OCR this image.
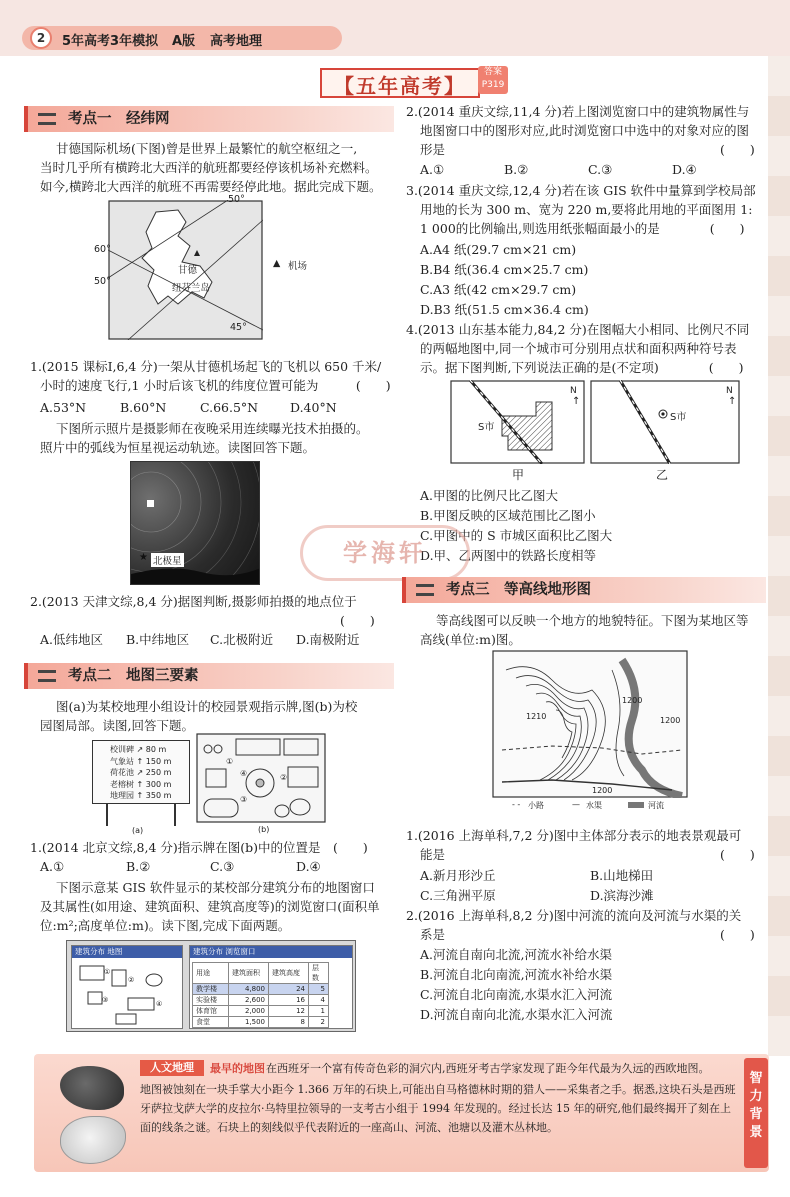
2	5年高考3年模拟 A版 高考地理
【五年高考】
答案
P319
考点一　经纬网
甘德国际机场(下图)曾是世界上最繁忙的航空枢纽之一,
当时几乎所有横跨北大西洋的航班都要经停该机场补充燃料。
如今,横跨北大西洋的航班不再需要经停此地。据此完成下题。
50°
60°
50°
45°
甘德
纽芬兰岛
▲ 机场
1.(2015 课标Ⅰ,6,4 分)一架从甘德机场起飞的飞机以 650 千米/
小时的速度飞行,1 小时后该飞机的纬度位置可能为　　　(　　)
A.53°N	B.60°N	C.66.5°N	D.40°N
下图所示照片是摄影师在夜晚采用连续曝光技术拍摄的。
照片中的弧线为恒星视运动轨迹。读图回答下题。
★ 北极星
2.(2013 天津文综,8,4 分)据图判断,摄影师拍摄的地点位于
(　　)
A.低纬地区 B.中纬地区 C.北极附近 D.南极附近
考点二　地图三要素
图(a)为某校地理小组设计的校园景观指示牌,图(b)为校
园图局部。读图,回答下题。
校训碑 ↗ 80 m
气象站 ↑ 150 m
荷花池 ↗ 250 m
老榕树 ↑ 300 m
地理园 ↑ 350 m
(a)
①
④	②
③
(b)
1.(2014 北京文综,8,4 分)指示牌在图(b)中的位置是　(　　)
A.①	B.②	C.③	D.④
下图示意某 GIS 软件显示的某校部分建筑分布的地图窗口
及其属性(如用途、建筑面积、建筑高度等)的浏览窗口(面积单
位:m²;高度单位:m)。读下图,完成下面两题。
建筑分布 地图
①
②
③	④
建筑分布 浏览窗口
用途	建筑面积	建筑高度	层数
教学楼	4,800	24	5
实验楼	2,600	16	4
体育馆	2,000	12	1
食堂	1,500	8	2
2.(2014 重庆文综,11,4 分)若上图浏览窗口中的建筑物属性与
地图窗口中的图形对应,此时浏览窗口中选中的对象对应的图
形是　　　　　　　　　　　　　　　　　　　　　　(　　)
A.①	B.②	C.③	D.④
3.(2014 重庆文综,12,4 分)若在该 GIS 软件中量算到学校局部
用地的长为 300 m、宽为 220 m,要将此用地的平面图用 1:
1 000的比例输出,则选用纸张幅面最小的是　　　　(　　)
A.A4 纸(29.7 cm×21 cm)
B.B4 纸(36.4 cm×25.7 cm)
C.A3 纸(42 cm×29.7 cm)
D.B3 纸(51.5 cm×36.4 cm)
4.(2013 山东基本能力,84,2 分)在图幅大小相同、比例尺不同
的两幅地图中,同一个城市可分别用点状和面积两种符号表
示。据下图判断,下列说法正确的是(不定项)　　　　(　　)
S市
N
↑
甲
S市
N
↑
乙
A.甲图的比例尺比乙图大
B.甲图反映的区域范围比乙图小
C.甲图中的 S 市城区面积比乙图大
D.甲、乙两图中的铁路长度相等
学海轩
考点三　等高线地形图
等高线图可以反映一个地方的地貌特征。下图为某地区等
高线(单位:m)图。
1210
1200
1200
1200
- - 小路	— 水渠	河流
1.(2016 上海单科,7,2 分)图中主体部分表示的地表景观最可
能是　　　　　　　　　　　　　　　　　　　　　　(　　)
A.新月形沙丘	B.山地梯田
C.三角洲平原	D.滨海沙滩
2.(2016 上海单科,8,2 分)图中河流的流向及河流与水渠的关
系是　　　　　　　　　　　　　　　　　　　　　　(　　)
A.河流自南向北流,河流水补给水渠
B.河流自北向南流,河流水补给水渠
C.河流自北向南流,水渠水汇入河流
D.河流自南向北流,水渠水汇入河流
人文地理	最早的地图 在西班牙一个富有传奇色彩的洞穴内,西班牙考古学家发现了距今年代最为久远的西欧地图。
地图被蚀刻在一块手掌大小距今 1.366 万年的石块上,可能出自马格德林时期的猎人——采集者之手。据悉,这块石头是西班
牙萨拉戈萨大学的皮拉尔·乌特里拉领导的一支考古小组于 1994 年发现的。经过长达 15 年的研究,他们最终揭开了刻在上
面的线条之谜。石块上的刻线似乎代表附近的一座高山、河流、池塘以及灌木丛林地。
智力背景
